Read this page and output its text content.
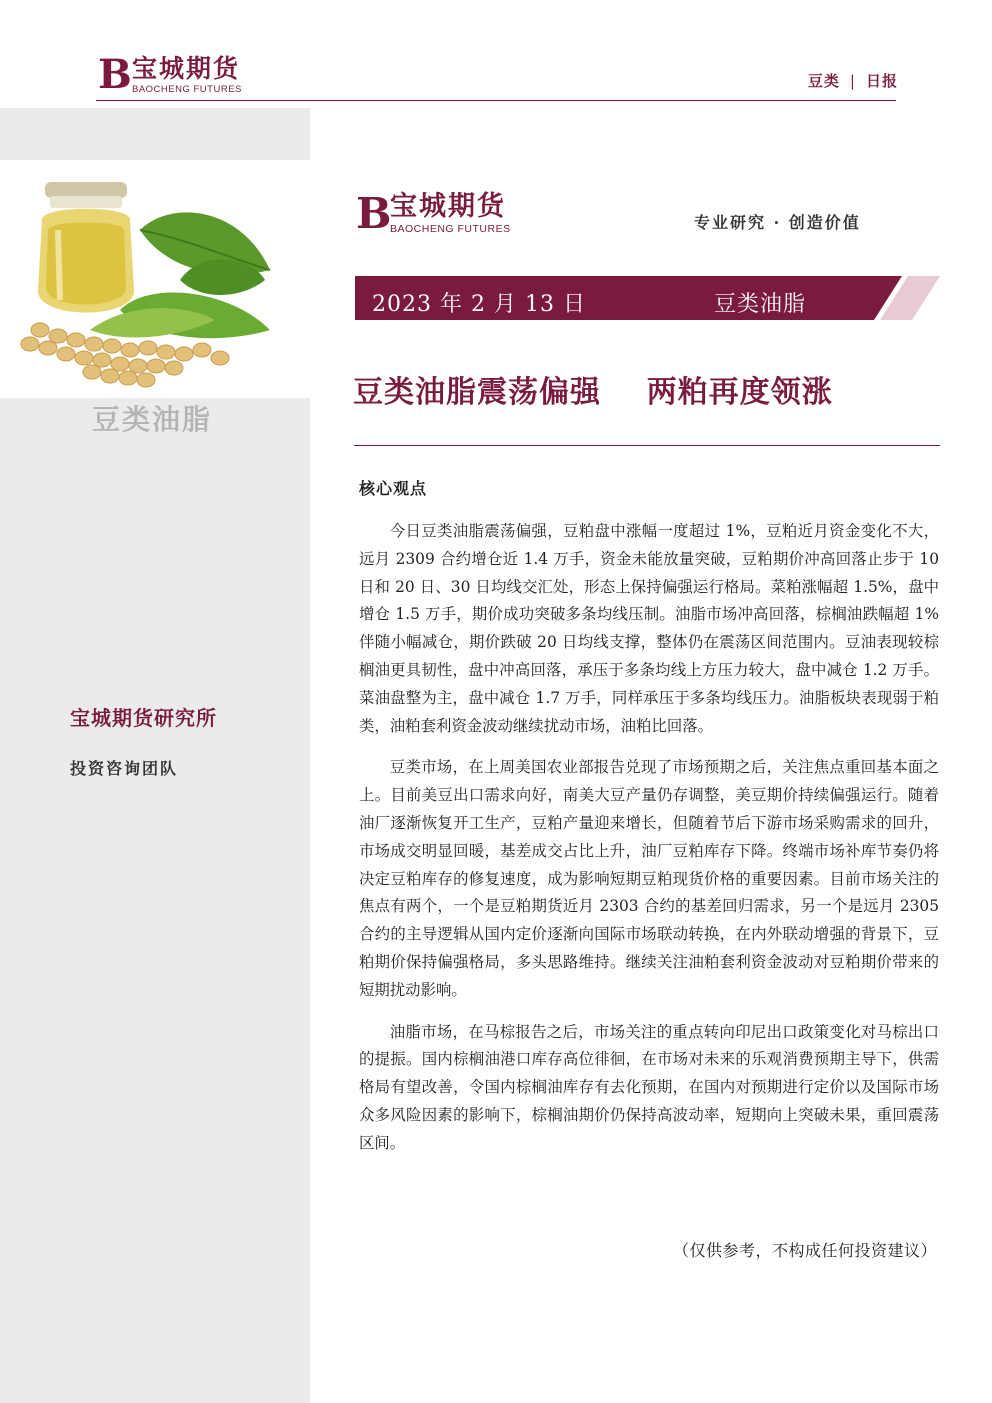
B 宝城期货
BAOCHENG FUTURES	豆类 | 日报
豆类油脂
宝城期货研究所
投资咨询团队
B
宝城期货
BAOCHENG FUTURES	专业研究 · 创造价值
2023 年 2 月 13 日	豆类油脂
豆类油脂震荡偏强    两粕再度领涨
核心观点

今日豆类油脂震荡偏强，豆粕盘中涨幅一度超过 1%，豆粕近月资金变化不大，远月 2309 合约增仓近 1.4 万手，资金未能放量突破，豆粕期价冲高回落止步于 10 日和 20 日、30 日均线交汇处，形态上保持偏强运行格局。菜粕涨幅超 1.5%，盘中增仓 1.5 万手，期价成功突破多条均线压制。油脂市场冲高回落，棕榈油跌幅超 1%伴随小幅减仓，期价跌破 20 日均线支撑，整体仍在震荡区间范围内。豆油表现较棕榈油更具韧性，盘中冲高回落，承压于多条均线上方压力较大，盘中减仓 1.2 万手。菜油盘整为主，盘中减仓 1.7 万手，同样承压于多条均线压力。油脂板块表现弱于粕类，油粕套利资金波动继续扰动市场，油粕比回落。

豆类市场，在上周美国农业部报告兑现了市场预期之后，关注焦点重回基本面之上。目前美豆出口需求向好，南美大豆产量仍存调整，美豆期价持续偏强运行。随着油厂逐渐恢复开工生产，豆粕产量迎来增长，但随着节后下游市场采购需求的回升，市场成交明显回暖，基差成交占比上升，油厂豆粕库存下降。终端市场补库节奏仍将决定豆粕库存的修复速度，成为影响短期豆粕现货价格的重要因素。目前市场关注的焦点有两个，一个是豆粕期货近月 2303 合约的基差回归需求，另一个是远月 2305 合约的主导逻辑从国内定价逐渐向国际市场联动转换，在内外联动增强的背景下，豆粕期价保持偏强格局，多头思路维持。继续关注油粕套利资金波动对豆粕期价带来的短期扰动影响。

油脂市场，在马棕报告之后，市场关注的重点转向印尼出口政策变化对马棕出口的提振。国内棕榈油港口库存高位徘徊，在市场对未来的乐观消费预期主导下，供需格局有望改善，令国内棕榈油库存有去化预期，在国内对预期进行定价以及国际市场众多风险因素的影响下，棕榈油期价仍保持高波动率，短期向上突破未果，重回震荡区间。

（仅供参考，不构成任何投资建议）
